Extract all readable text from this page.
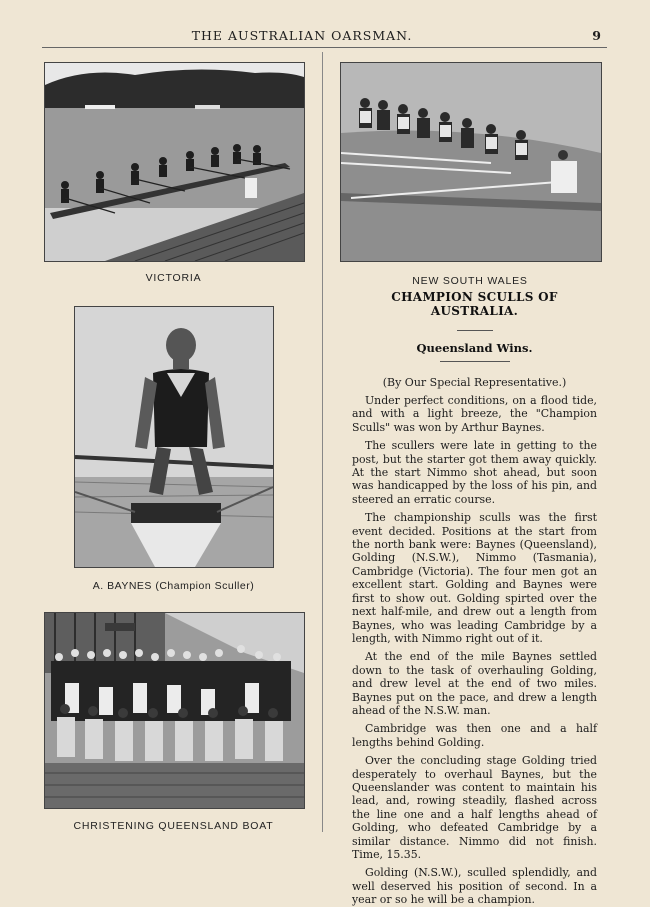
THE AUSTRALIAN OARSMAN.	9
VICTORIA	NEW SOUTH WALES
A. BAYNES (Champion Sculler)
CHRISTENING QUEENSLAND BOAT
CHAMPION SCULLS OF AUSTRALIA.
Queensland Wins.
(By Our Special Representative.)

Under perfect conditions, on a flood tide, and with a light breeze, the "Champion Sculls" was won by Arthur Baynes.

The scullers were late in getting to the post, but the starter got them away quickly. At the start Nimmo shot ahead, but soon was handicapped by the loss of his pin, and steered an erratic course.

The championship sculls was the first event decided. Positions at the start from the north bank were: Baynes (Queensland), Golding (N.S.W.), Nimmo (Tasmania), Cambridge (Victoria). The four men got an excellent start. Golding and Baynes were first to show out. Golding spirted over the next half-mile, and drew out a length from Baynes, who was leading Cambridge by a length, with Nimmo right out of it.

At the end of the mile Baynes settled down to the task of overhauling Golding, and drew level at the end of two miles. Baynes put on the pace, and drew a length ahead of the N.S.W. man.

Cambridge was then one and a half lengths behind Golding.

Over the concluding stage Golding tried desperately to overhaul Baynes, but the Queenslander was content to maintain his lead, and, rowing steadily, flashed across the line one and a half lengths ahead of Golding, who defeated Cambridge by a similar distance. Nimmo did not finish. Time, 15.35.

Golding (N.S.W.), sculled splendidly, and well deserved his position of second. In a year or so he will be a champion.
